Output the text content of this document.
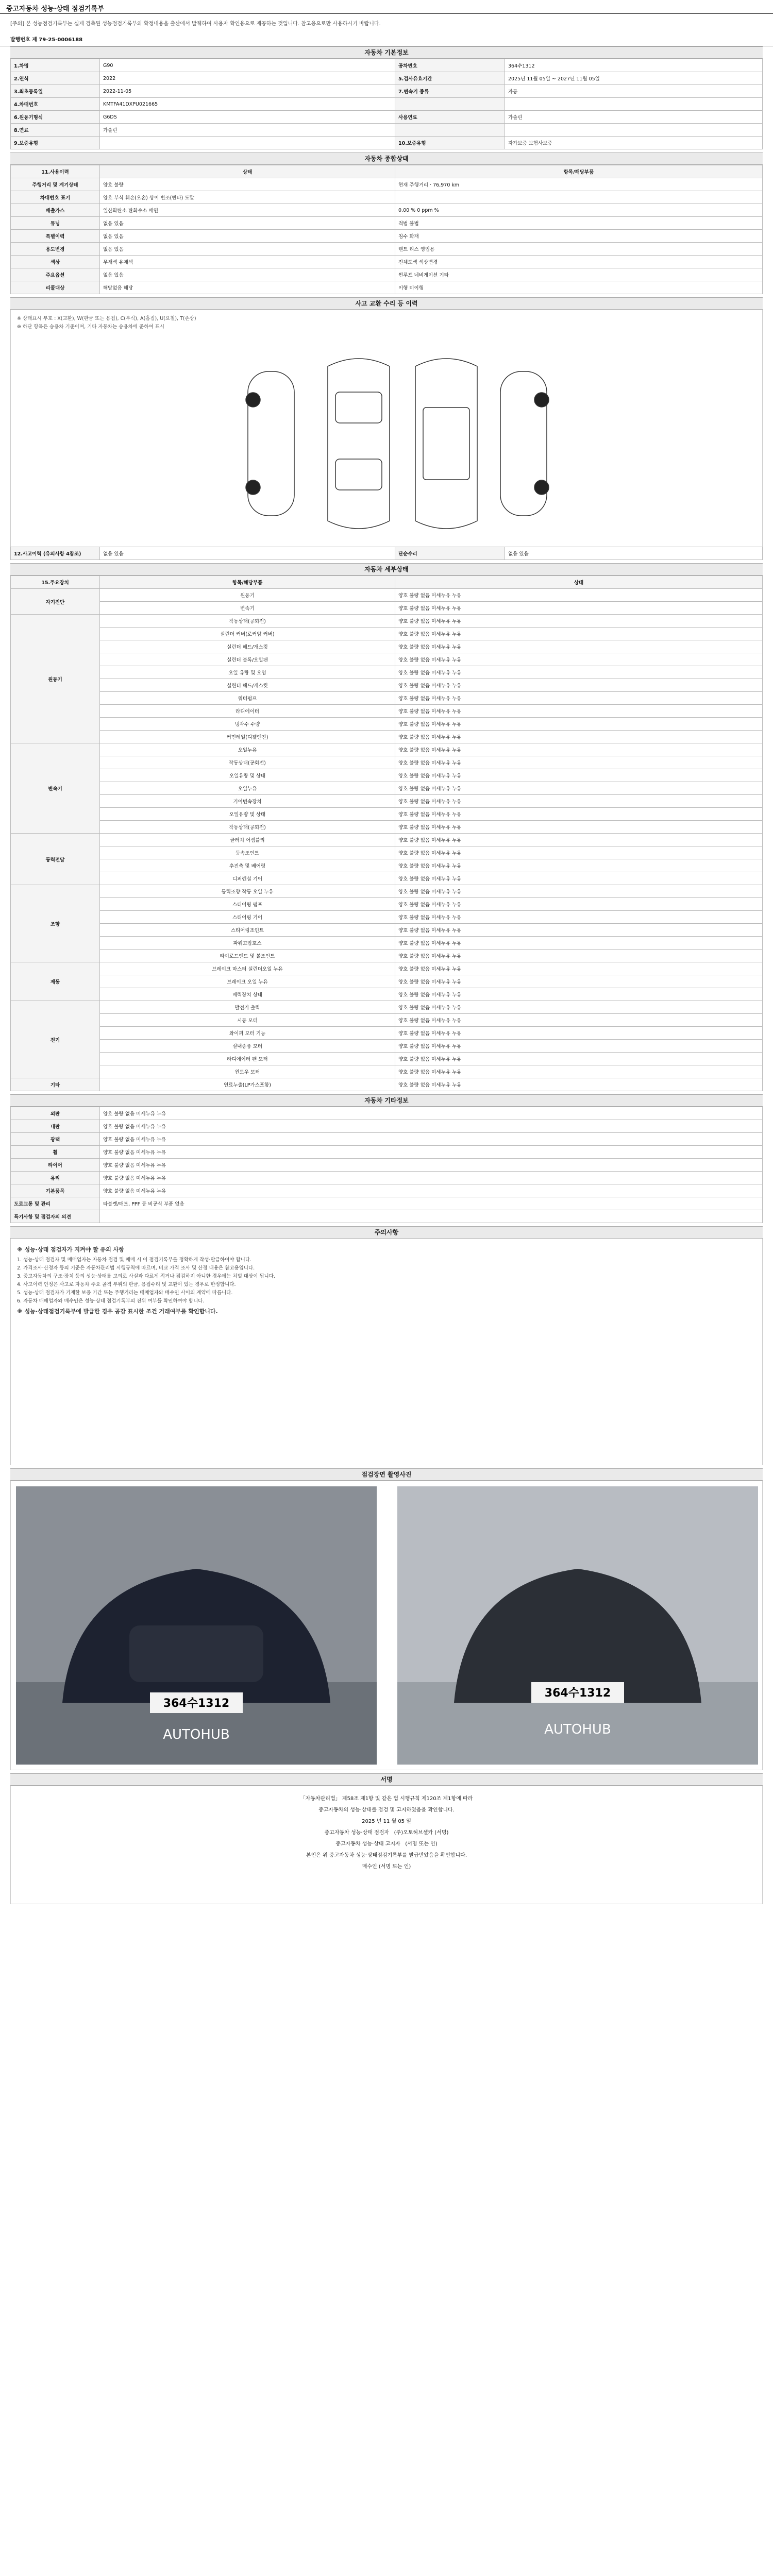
중고자동차 성능·상태 점검기록부
[주의] 본 성능점검기록부는 실제 검측된 성능점검기록부의 확정내용을 출산에서 발췌하여 사용자 확인용으로 제공하는 것입니다. 참고용으로만 사용하시기 바랍니다.
발행번호 제 79-25-0006188
자동차 기본정보
1.차명	G90	공차번호	364수1312
2.연식	2022	5.검사유효기간	2025년 11월 05일 ~ 2027년 11월 05일
3.최초등록일	2022-11-05	7.변속기 종류	자동
4.차대번호	KMTFA41DXPU021665		
6.원동기형식	G6DS	사용연료	가솔린
8.연료	가솔린		
9.보증유형		10.보증유형	자가보증 보험사보증
자동차 종합상태
11.사용이력	상태	항목/해당부품
주행거리 및 계기상태	양호 불량	현재 주행거리 · 76,970 km
차대번호 표기	양호 부식 훼손(오손) 상이 변조(변타) 도말	
배출가스	일산화탄소 탄화수소 매연	0.00 % 0 ppm %
튜닝	없음 있음	적법 불법
특별이력	없음 있음	침수 화재
용도변경	없음 있음	렌트 리스 영업용
색상	무채색 유채색	전체도색 색상변경
주요옵션	없음 있음	썬루프 네비게이션 기타
리콜대상	해당없음 해당	이행 미이행
사고 교환 수리 등 이력
※ 상태표시 부호 : X(교환), W(판금 또는 용접), C(부식), A(흠집), U(요철), T(손상)
※ 하단 항목은 승용차 기준이며, 기타 자동차는 승용차에 준하여 표시
12.사고이력 (유의사항 4참조)	없음 있음	단순수리	없음 있음
자동차 세부상태
15.주요장치	항목/해당부품	상태
자기진단	원동기	양호 불량 없음 미세누유 누유
	변속기	양호 불량 없음 미세누유 누유
원동기	작동상태(공회전)	양호 불량 없음 미세누유 누유
	실린더 커버(로커암 커버)	양호 불량 없음 미세누유 누유
	실린더 헤드/개스킷	양호 불량 없음 미세누유 누유
	실린더 블록/오일팬	양호 불량 없음 미세누유 누유
	오일 유량 및 오염	양호 불량 없음 미세누유 누유
	실린더 헤드/개스킷	양호 불량 없음 미세누유 누유
	워터펌프	양호 불량 없음 미세누유 누유
	라디에이터	양호 불량 없음 미세누유 누유
	냉각수 수량	양호 불량 없음 미세누유 누유
	커먼레일(디젤엔진)	양호 불량 없음 미세누유 누유
변속기	오일누유	양호 불량 없음 미세누유 누유
	작동상태(공회전)	양호 불량 없음 미세누유 누유
	오일유량 및 상태	양호 불량 없음 미세누유 누유
	오일누유	양호 불량 없음 미세누유 누유
	기어변속장치	양호 불량 없음 미세누유 누유
	오일유량 및 상태	양호 불량 없음 미세누유 누유
	작동상태(공회전)	양호 불량 없음 미세누유 누유
동력전달	클러치 어셈블리	양호 불량 없음 미세누유 누유
	등속조인트	양호 불량 없음 미세누유 누유
	추진축 및 베어링	양호 불량 없음 미세누유 누유
	디퍼렌셜 기어	양호 불량 없음 미세누유 누유
조향	동력조향 작동 오일 누유	양호 불량 없음 미세누유 누유
	스티어링 펌프	양호 불량 없음 미세누유 누유
	스티어링 기어	양호 불량 없음 미세누유 누유
	스티어링조인트	양호 불량 없음 미세누유 누유
	파워고압호스	양호 불량 없음 미세누유 누유
	타이로드엔드 및 볼조인트	양호 불량 없음 미세누유 누유
제동	브레이크 마스터 실린더오일 누유	양호 불량 없음 미세누유 누유
	브레이크 오일 누유	양호 불량 없음 미세누유 누유
	배력장치 상태	양호 불량 없음 미세누유 누유
전기	발전기 출력	양호 불량 없음 미세누유 누유
	시동 모터	양호 불량 없음 미세누유 누유
	와이퍼 모터 기능	양호 불량 없음 미세누유 누유
	실내송풍 모터	양호 불량 없음 미세누유 누유
	라디에이터 팬 모터	양호 불량 없음 미세누유 누유
	윈도우 모터	양호 불량 없음 미세누유 누유
기타	연료누출(LP가스포함)	양호 불량 없음 미세누유 누유
자동차 기타정보
외판	양호 불량 없음 미세누유 누유
내판	양호 불량 없음 미세누유 누유
광택	양호 불량 없음 미세누유 누유
휠	양호 불량 없음 미세누유 누유
타이어	양호 불량 없음 미세누유 누유
유리	양호 불량 없음 미세누유 누유
기본품목	양호 불량 없음 미세누유 누유
도로교통 및 관리	타블렛/매트, PPF 등 비공식 부품 없음
특기사항 및 점검자의 의견	
주의사항
※ 성능·상태 점검자가 지켜야 할 유의 사항
1. 성능·상태 점검자 및 매매업자는 자동차 점검 및 매매 시 이 점검기록부를 정확하게 작성·발급하여야 합니다.
2. 가격조사·산정자 등의 기준은 자동차관리법 시행규칙에 따르며, 비교 가격 조사 및 산정 내용은 참고용입니다.
3. 중고자동차의 구조·장치 등의 성능·상태를 고의로 사실과 다르게 적거나 점검하지 아니한 경우에는 처벌 대상이 됩니다.
4. 사고이력 인정은 사고로 자동차 주요 골격 부위의 판금, 용접수리 및 교환이 있는 경우로 한정합니다.
5. 성능·상태 점검자가 기재한 보증 기간 또는 주행거리는 매매업자와 매수인 사이의 계약에 따릅니다.
6. 자동차 매매업자와 매수인은 성능·상태 점검기록부의 진위 여부를 확인하여야 합니다.
※ 성능·상태점검기록부에 발급한 경우 공감 표시한 조건 거래여부를 확인합니다.
점검장면 촬영사진
364수1312
AUTOHUB
364수1312
AUTOHUB
서명
「자동차관리법」 제58조 제1항 및 같은 법 시행규칙 제120조 제1항에 따라
중고자동차의 성능·상태를 점검 및 고지하였음을 확인합니다.
2025 년 11 월 05 일
중고자동차 성능·상태 점검자 (주)오토허브셀카 (서명)
중고자동차 성능·상태 고지자 (서명 또는 인)
본인은 위 중고자동차 성능·상태점검기록부를 발급받았음을 확인합니다.
매수인 (서명 또는 인)
